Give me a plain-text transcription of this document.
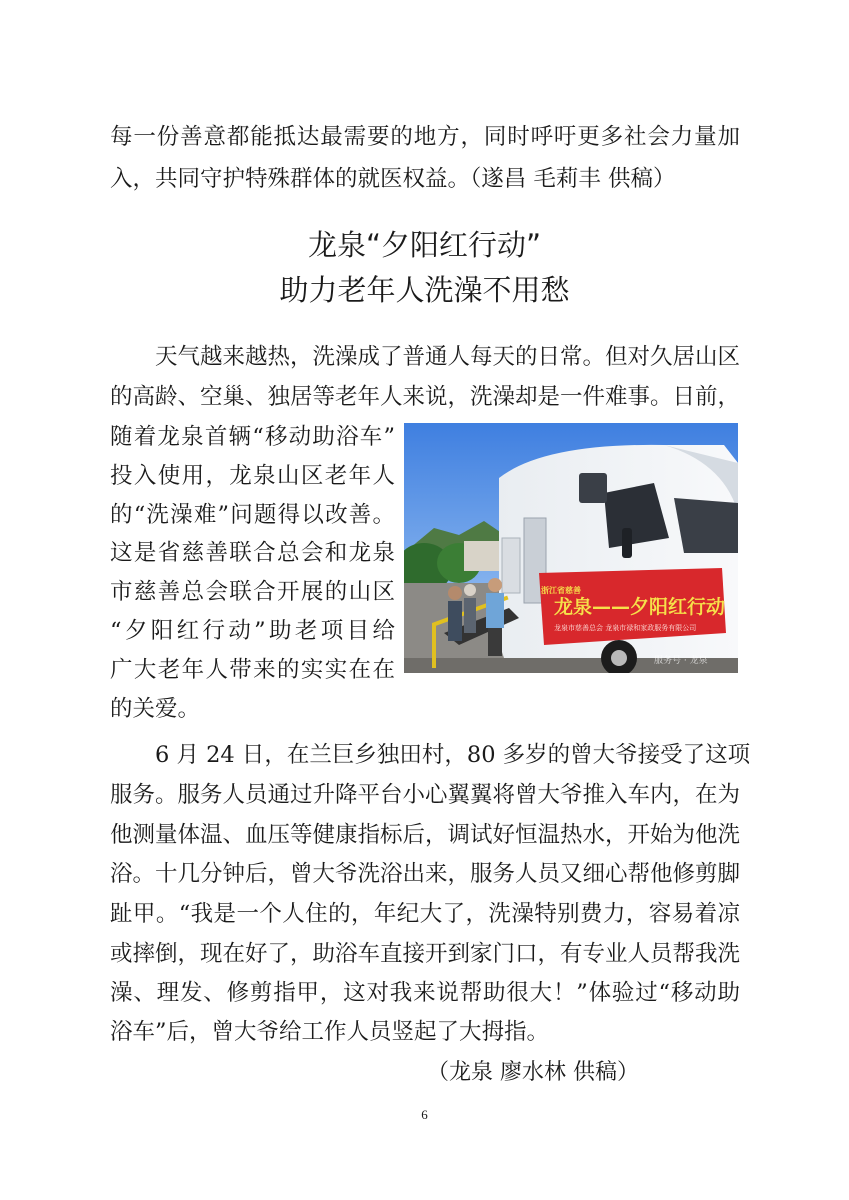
每一份善意都能抵达最需要的地方，同时呼吁更多社会力量加
入，共同守护特殊群体的就医权益。（遂昌 毛莉丰 供稿）
龙泉“夕阳红行动”
助力老年人洗澡不用愁
天气越来越热，洗澡成了普通人每天的日常。但对久居山区
的高龄、空巢、独居等老年人来说，洗澡却是一件难事。日前，
随着龙泉首辆“移动助浴车”
投入使用，龙泉山区老年人
的“洗澡难”问题得以改善。
这是省慈善联合总会和龙泉
市慈善总会联合开展的山区
“夕阳红行动”助老项目给
广大老年人带来的实实在在
的关爱。
龙泉——夕阳红行动
龙泉市慈善总会 龙泉市禄和家政服务有限公司
浙江省慈善
服务号 · 龙泉
6 月 24 日，在兰巨乡独田村，80 多岁的曾大爷接受了这项
服务。服务人员通过升降平台小心翼翼将曾大爷推入车内，在为
他测量体温、血压等健康指标后，调试好恒温热水，开始为他洗
浴。十几分钟后，曾大爷洗浴出来，服务人员又细心帮他修剪脚
趾甲。“我是一个人住的，年纪大了，洗澡特别费力，容易着凉
或摔倒，现在好了，助浴车直接开到家门口，有专业人员帮我洗
澡、理发、修剪指甲，这对我来说帮助很大！”体验过“移动助
浴车”后，曾大爷给工作人员竖起了大拇指。
（龙泉 廖水林 供稿）
6
